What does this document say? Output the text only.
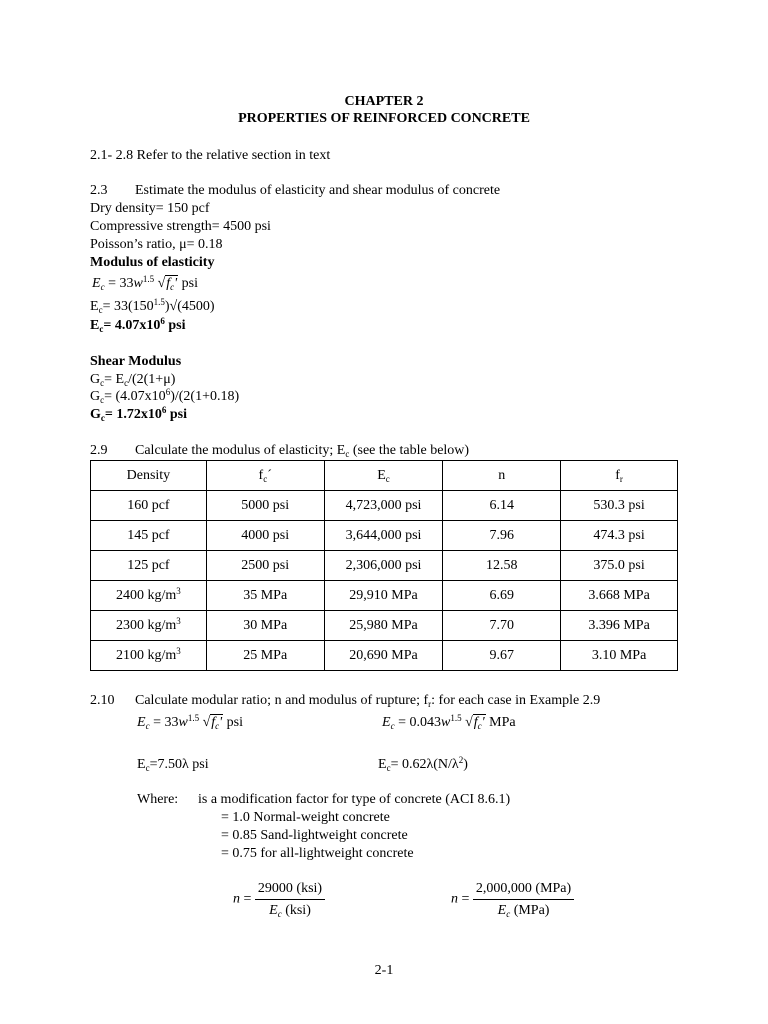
CHAPTER 2
PROPERTIES OF REINFORCED CONCRETE
2.1- 2.8 Refer to the relative section in text
2.3 Estimate the modulus of elasticity and shear modulus of concrete
Dry density= 150 pcf
Compressive strength= 4500 psi
Poisson’s ratio, μ= 0.18
Modulus of elasticity
$E_c = 33w^{1.5}$ $√f_c'$ psi
$E_c= 33(150^{1.5})√(4500)$
$E_c= 4.07x10^6$ psi
Shear Modulus
$G_c= E_c/(2(1+\mu)$
$G_c= (4.07x10^6)/(2(1+0.18)$
$G_c= 1.72x10^6$ psi
2.9 Calculate the modulus of elasticity; $E_c$ (see the table below)
Density	$f_c´$	$E_c$	n	$f_r$
160 pcf	5000 psi	4,723,000 psi	6.14	530.3 psi
145 pcf	4000 psi	3,644,000 psi	7.96	474.3 psi
125 pcf	2500 psi	2,306,000 psi	12.58	375.0 psi
2400 $kg/m^3$	35 MPa	29,910 MPa	6.69	3.668 MPa
2300 $kg/m^3$	30 MPa	25,980 MPa	7.70	3.396 MPa
2100 $kg/m^3$	25 MPa	20,690 MPa	9.67	3.10 MPa
2.10 Calculate modular ratio; n and modulus of rupture; $f_r$: for each case in Example 2.9
$E_c = 33w^{1.5}$ $√f_c'$ psi	$E_c = 0.043w^{1.5}$ $√f_c'$ MPa
$E_c=7.50\lambda$ psi	$E_c= 0.62\lambda(N/\lambda^2)$
Where: is a modification factor for type of concrete (ACI 8.6.1)
= 1.0 Normal-weight concrete
= 0.85 Sand-lightweight concrete
= 0.75 for all-lightweight concrete
$n = \frac{\text{29000 (ksi)}}{E_c (ksi)}$	$n = \frac{\text{2,000,000 (MPa)}}{E_c (MPa)}$
2-1
